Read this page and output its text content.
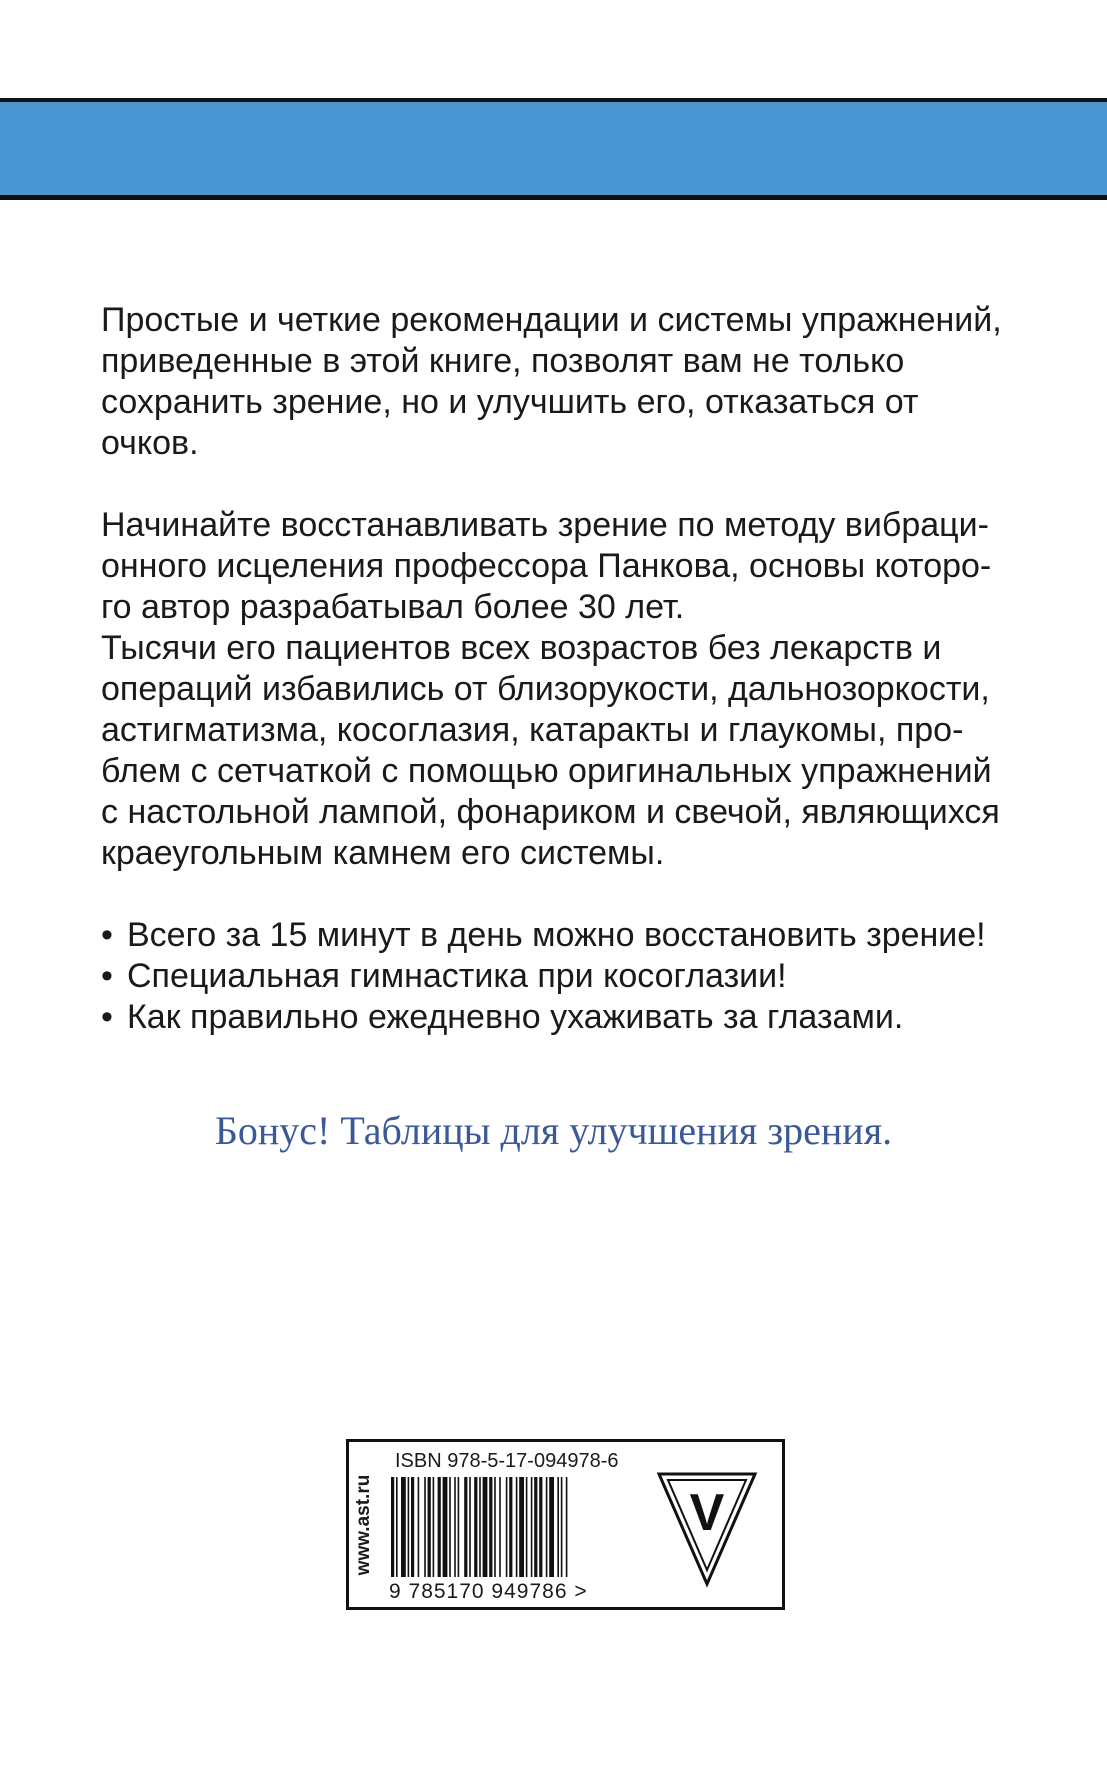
Простые и четкие рекомендации и системы упражнений,
приведенные в этой книге, позволят вам не только
сохранить зрение, но и улучшить его, отказаться от
очков.

Начинайте восстанавливать зрение по методу вибраци-
онного исцеления профессора Панкова, основы которо-
го автор разрабатывал более 30 лет.

Тысячи его пациентов всех возрастов без лекарств и
операций избавились от близорукости, дальнозоркости,
астигматизма, косоглазия, катаракты и глаукомы, про-
блем с сетчаткой с помощью оригинальных упражнений
с настольной лампой, фонариком и свечой, являющихся
краеугольным камнем его системы.

• Всего за 15 минут в день можно восстановить зрение!
• Специальная гимнастика при косоглазии!
• Как правильно ежедневно ухаживать за глазами.
Бонус! Таблицы для улучшения зрения.
www.ast.ru
ISBN 978-5-17-094978-6
9 785170 949786 >
V
